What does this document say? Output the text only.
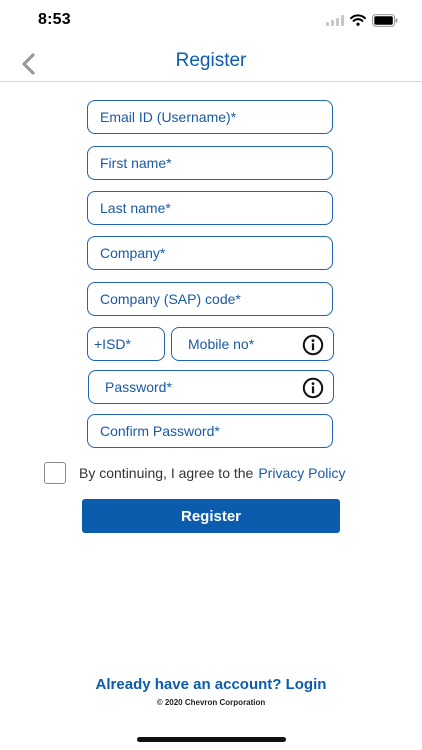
8:53
Register
Email ID (Username)*
First name*
Last name*
Company*
Company (SAP) code*
+ISD*
Mobile no*
By continuing, I agree to the Privacy Policy
Register
Already have an account? Login
© 2020 Chevron Corporation
